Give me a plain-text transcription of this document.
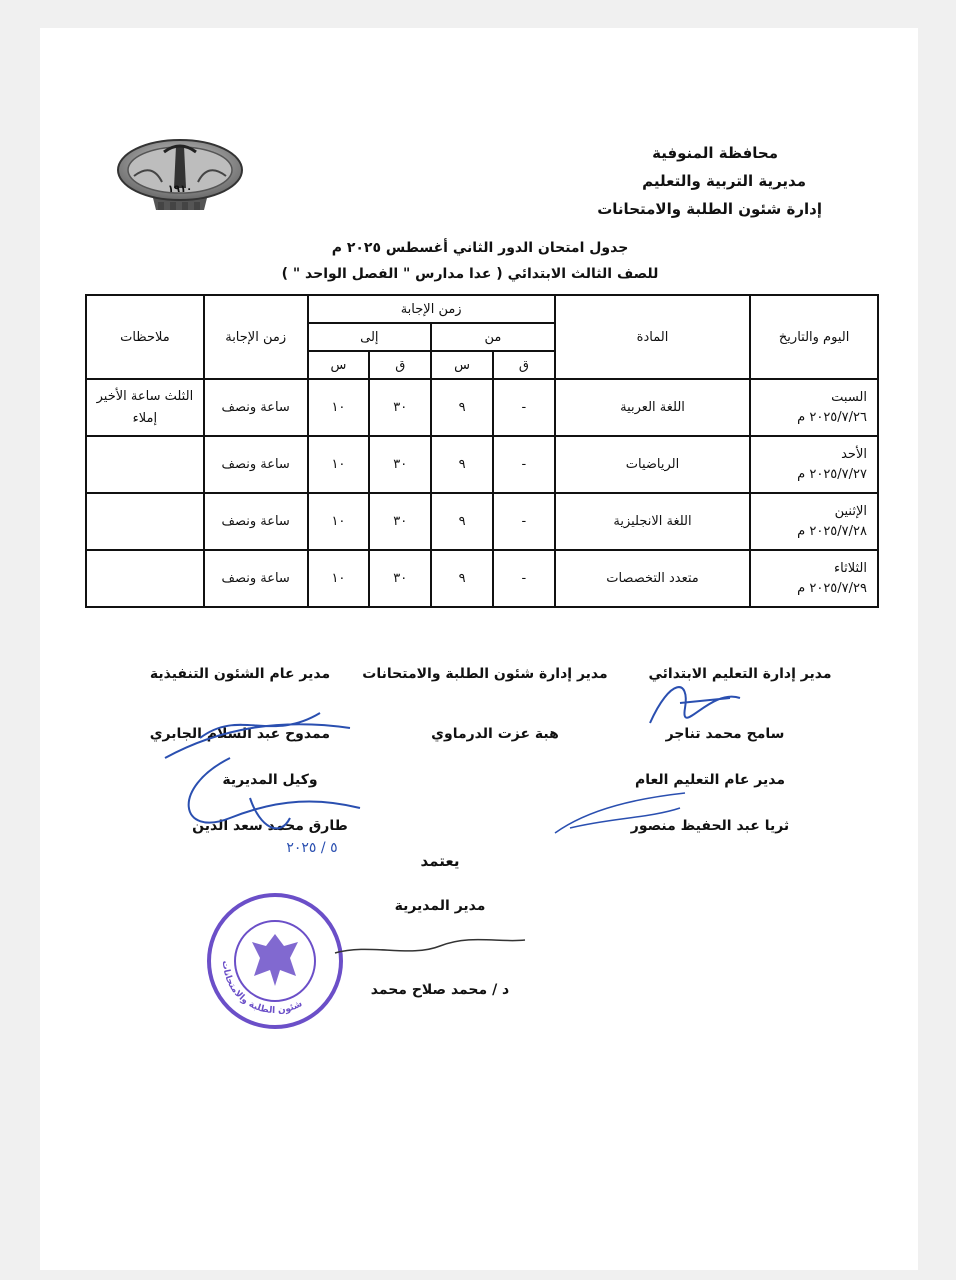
محافظة المنوفية
مديرية التربية والتعليم
إدارة شئون الطلبة والامتحانات
١٩١٠
جدول امتحان الدور الثاني أغسطس ٢٠٢٥ م
للصف الثالث الابتدائي ( عدا مدارس " الفصل الواحد " )
اليوم والتاريخ	المادة	زمن الإجابة				زمن الإجابة	ملاحظات
		من		إلى			
		ق	س	ق	س		

السبت
٢٠٢٥/٧/٢٦ م	اللغة العربية	-	٩	٣٠	١٠	ساعة ونصف	الثلث ساعة الأخير إملاء

الأحد
٢٠٢٥/٧/٢٧ م	الرياضيات	-	٩	٣٠	١٠	ساعة ونصف	

الإثنين
٢٠٢٥/٧/٢٨ م	اللغة الانجليزية	-	٩	٣٠	١٠	ساعة ونصف	

الثلاثاء
٢٠٢٥/٧/٢٩ م	متعدد التخصصات	-	٩	٣٠	١٠	ساعة ونصف	
مدير إدارة التعليم الابتدائي
سامح محمد تناجر
مدير إدارة شئون الطلبة والامتحانات
هبة عزت الدرماوي
مدير عام الشئون التنفيذية
ممدوح عبد السلام الجابري
مدير عام التعليم العام
ثريا عبد الحفيظ منصور
وكيل المديرية
طارق محمد سعد الدين
يعتمد
مدير المديرية
د / محمد صلاح محمد
شئون الطلبة والامتحانات
٥ / ٢٠٢٥
